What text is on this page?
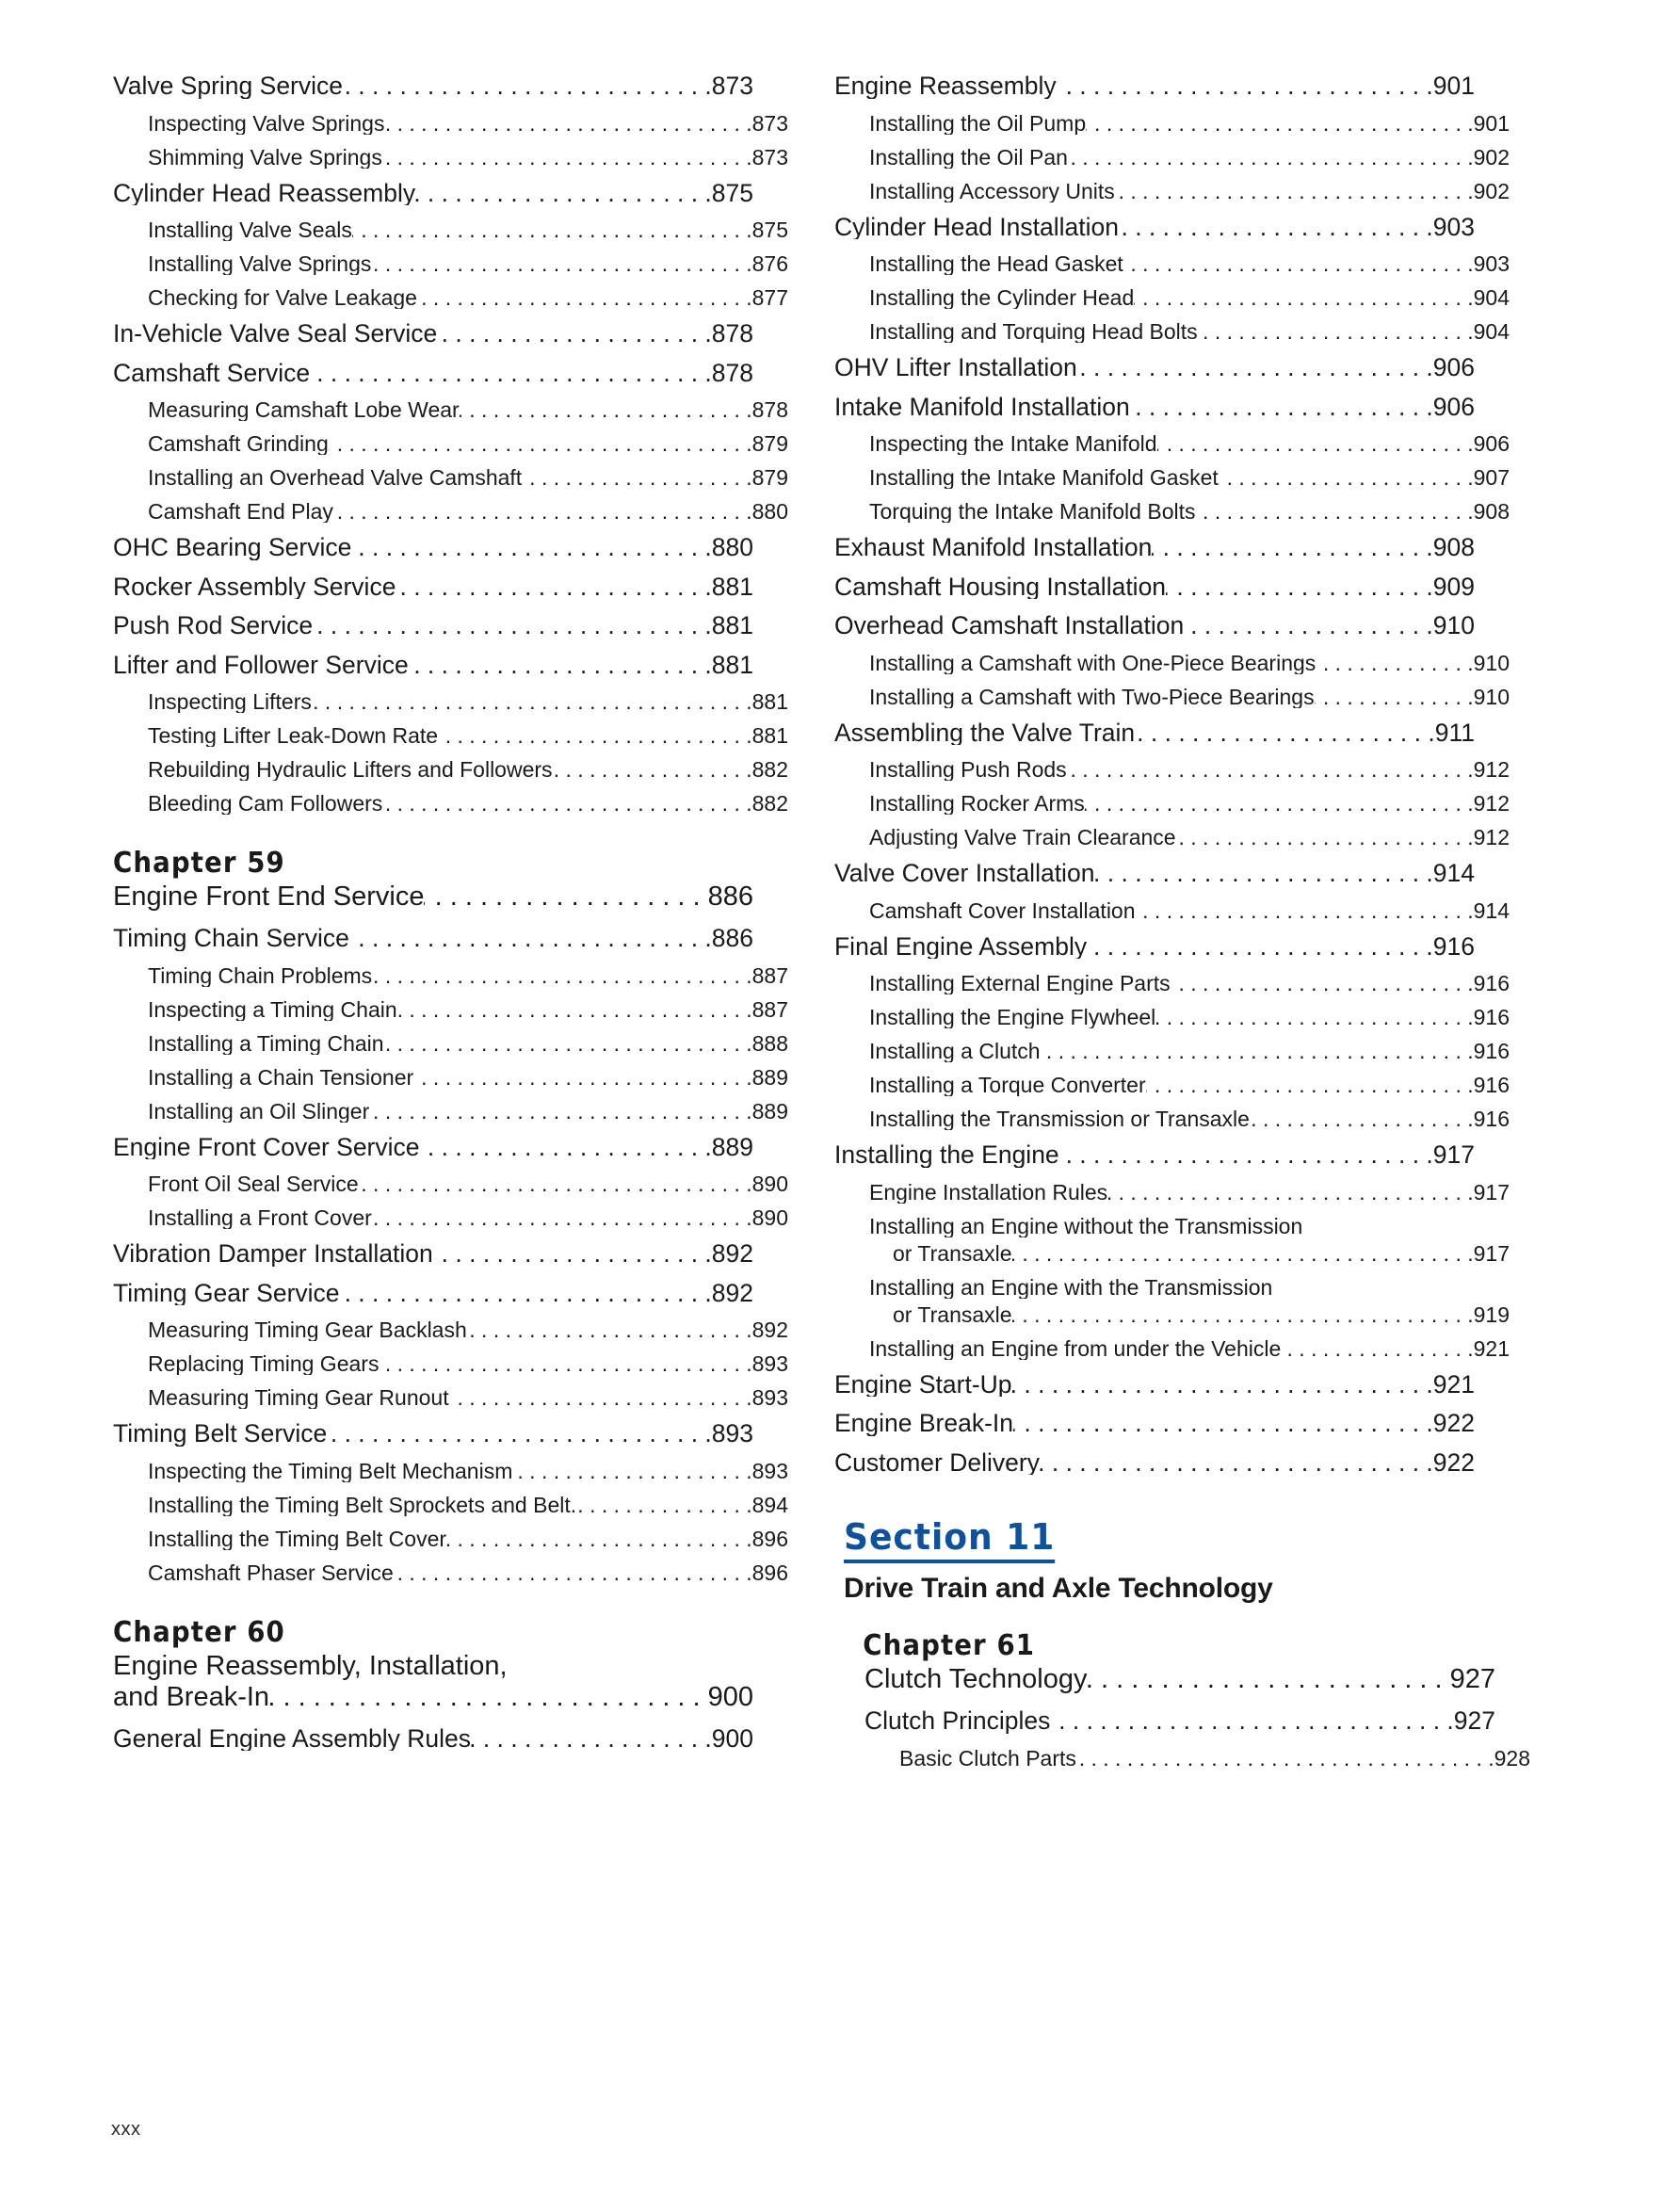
Valve Spring Service . . .	873
Inspecting Valve Springs . . .	873
Shimming Valve Springs . . .	873
Cylinder Head Reassembly . . .	875
Installing Valve Seals . . .	875
Installing Valve Springs . . .	876
Checking for Valve Leakage . . .	877
In-Vehicle Valve Seal Service . . .	878
Camshaft Service . . .	878
Measuring Camshaft Lobe Wear . . .	878
Camshaft Grinding . . .	879
Installing an Overhead Valve Camshaft . . .	879
Camshaft End Play . . .	880
OHC Bearing Service . . .	880
Rocker Assembly Service . . .	881
Push Rod Service . . .	881
Lifter and Follower Service . . .	881
Inspecting Lifters . . .	881
Testing Lifter Leak-Down Rate . . .	881
Rebuilding Hydraulic Lifters and Followers . . .	882
Bleeding Cam Followers . . .	882
Chapter 59
Engine Front End Service . . .	886
Timing Chain Service . . .	886
Timing Chain Problems . . .	887
Inspecting a Timing Chain . . .	887
Installing a Timing Chain . . .	888
Installing a Chain Tensioner . . .	889
Installing an Oil Slinger . . .	889
Engine Front Cover Service . . .	889
Front Oil Seal Service . . .	890
Installing a Front Cover . . .	890
Vibration Damper Installation . . .	892
Timing Gear Service . . .	892
Measuring Timing Gear Backlash . . .	892
Replacing Timing Gears . . .	893
Measuring Timing Gear Runout . . .	893
Timing Belt Service . . .	893
Inspecting the Timing Belt Mechanism . . .	893
Installing the Timing Belt Sprockets and Belt. . . .	894
Installing the Timing Belt Cover . . .	896
Camshaft Phaser Service . . .	896
Chapter 60
Engine Reassembly, Installation,
and Break-In . . .	900
General Engine Assembly Rules . . .	900
Engine Reassembly . . .	901
Installing the Oil Pump . . .	901
Installing the Oil Pan . . .	902
Installing Accessory Units . . .	902
Cylinder Head Installation . . .	903
Installing the Head Gasket . . .	903
Installing the Cylinder Head . . .	904
Installing and Torquing Head Bolts . . .	904
OHV Lifter Installation . . .	906
Intake Manifold Installation . . .	906
Inspecting the Intake Manifold . . .	906
Installing the Intake Manifold Gasket . . .	907
Torquing the Intake Manifold Bolts . . .	908
Exhaust Manifold Installation . . .	908
Camshaft Housing Installation . . .	909
Overhead Camshaft Installation . . .	910
Installing a Camshaft with One-Piece Bearings . . .	910
Installing a Camshaft with Two-Piece Bearings . . .	910
Assembling the Valve Train . . .	911
Installing Push Rods . . .	912
Installing Rocker Arms . . .	912
Adjusting Valve Train Clearance . . .	912
Valve Cover Installation . . .	914
Camshaft Cover Installation . . .	914
Final Engine Assembly . . .	916
Installing External Engine Parts . . .	916
Installing the Engine Flywheel . . .	916
Installing a Clutch . . .	916
Installing a Torque Converter . . .	916
Installing the Transmission or Transaxle . . .	916
Installing the Engine . . .	917
Engine Installation Rules . . .	917
Installing an Engine without the Transmission
or Transaxle . . .	917
Installing an Engine with the Transmission
or Transaxle . . .	919
Installing an Engine from under the Vehicle . . .	921
Engine Start-Up . . .	921
Engine Break-In . . .	922
Customer Delivery . . .	922
Section 11
Drive Train and Axle Technology
Chapter 61
Clutch Technology . . .	927
Clutch Principles . . .	927
Basic Clutch Parts . . .	928
xxx
